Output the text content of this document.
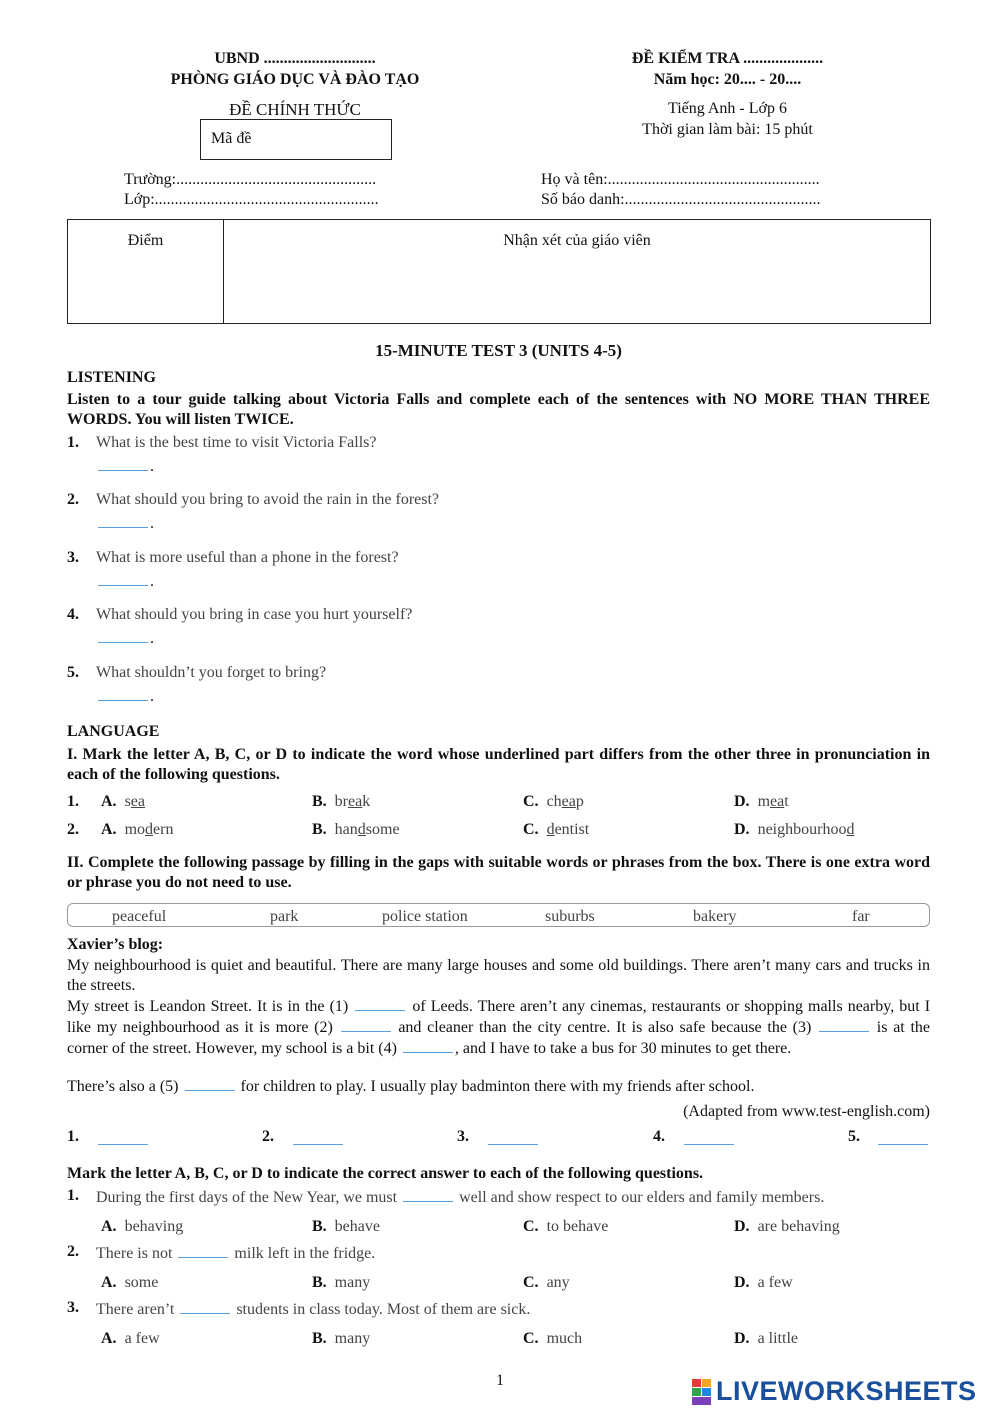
UBND ............................
PHÒNG GIÁO DỤC VÀ ĐÀO TẠO
ĐỀ CHÍNH THỨC
Mã đề
ĐỀ KIỂM TRA ....................
Năm học: 20.... - 20....
Tiếng Anh - Lớp 6
Thời gian làm bài: 15 phút
Trường:..................................................
Lớp:........................................................
Họ và tên:.....................................................
Số báo danh:.................................................
Điểm	Nhận xét của giáo viên
15-MINUTE TEST 3 (UNITS 4-5)
LISTENING
Listen to a tour guide talking about Victoria Falls and complete each of the sentences with NO MORE THAN THREE WORDS. You will listen TWICE.
1. What is the best time to visit Victoria Falls?
.
2. What should you bring to avoid the rain in the forest?
.
3. What is more useful than a phone in the forest?
.
4. What should you bring in case you hurt yourself?
.
5. What shouldn’t you forget to bring?
.
LANGUAGE
I. Mark the letter A, B, C, or D to indicate the word whose underlined part differs from the other three in pronunciation in each of the following questions.
1. A. sea	B. break	C. cheap	D. meat
2. A. modern	B. handsome	C. dentist	D. neighbourhood
II. Complete the following passage by filling in the gaps with suitable words or phrases from the box. There is one extra word or phrase you do not need to use.
peaceful	park	police station	suburbs	bakery	far
Xavier’s blog:
My neighbourhood is quiet and beautiful. There are many large houses and some old buildings. There aren’t many cars and trucks in the streets.
My street is Leandon Street. It is in the (1)	of Leeds. There aren’t any cinemas, restaurants or shopping malls nearby, but I like my neighbourhood as it is more (2)	and cleaner than the city centre. It is also safe because the (3)	is at the corner of the street. However, my school is a bit (4)	, and I have to take a bus for 30 minutes to get there.
There’s also a (5)	for children to play. I usually play badminton there with my friends after school.
(Adapted from www.test-english.com)
1.	2.	3.	4.	5.
Mark the letter A, B, C, or D to indicate the correct answer to each of the following questions.
1. During the first days of the New Year, we must	well and show respect to our elders and family members.
A. behaving	B. behave	C. to behave	D. are behaving
2. There is not	milk left in the fridge.
A. some	B. many	C. any	D. a few
3. There aren’t	students in class today. Most of them are sick.
A. a few	B. many	C. much	D. a little
1	LIVEWORKSHEETS
